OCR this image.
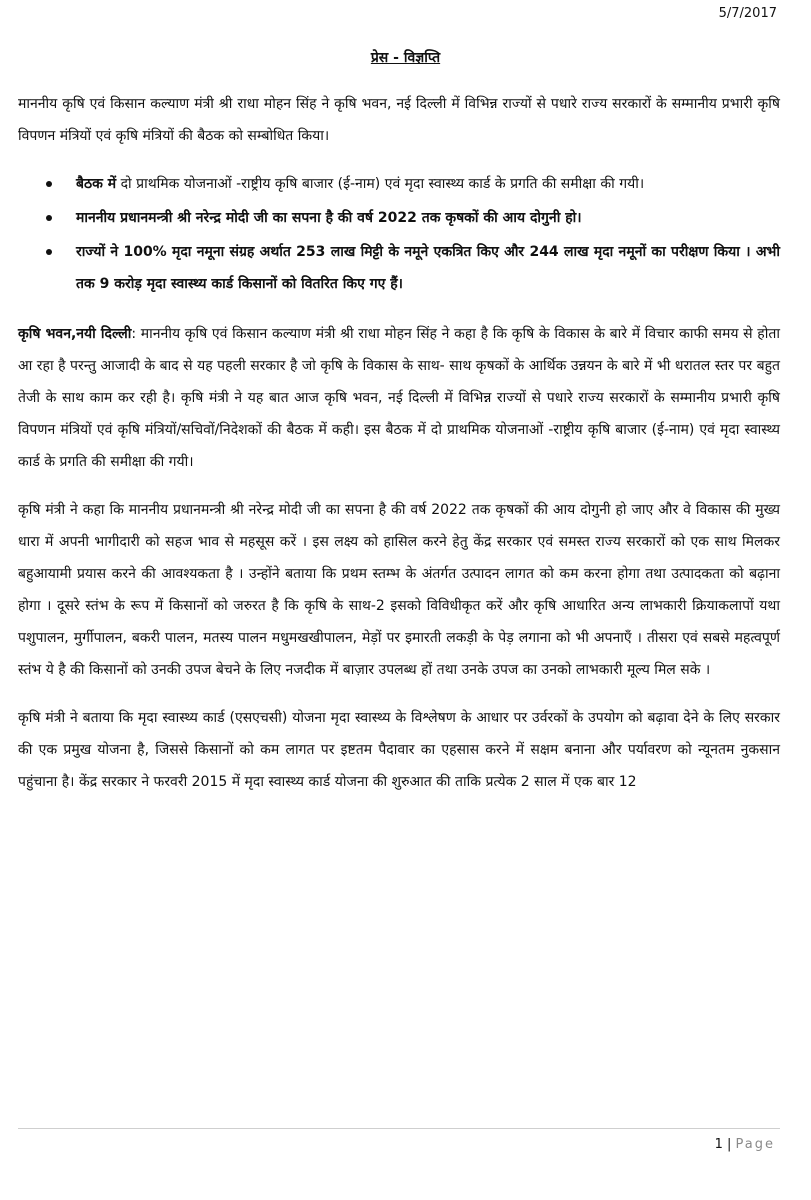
5/7/2017
प्रेस - विज्ञप्ति

माननीय कृषि एवं किसान कल्याण मंत्री श्री राधा मोहन सिंह ने कृषि भवन, नई दिल्ली में विभिन्न राज्यों से पधारे राज्य सरकारों के सम्मानीय प्रभारी कृषि विपणन मंत्रियों एवं कृषि मंत्रियों की बैठक को सम्बोधित किया।

बैठक में दो प्राथमिक योजनाओं -राष्ट्रीय कृषि बाजार (ई-नाम) एवं मृदा स्वास्थ्य कार्ड के प्रगति की समीक्षा की गयी।
माननीय प्रधानमन्त्री श्री नरेन्द्र मोदी जी का सपना है की वर्ष 2022 तक कृषकों की आय दोगुनी हो।
राज्यों ने 100% मृदा नमूना संग्रह अर्थात 253 लाख मिट्टी के नमूने एकत्रित किए और 244 लाख मृदा नमूनों का परीक्षण किया । अभी तक 9 करोड़ मृदा स्वास्थ्य कार्ड किसानों को वितरित किए गए हैं।

कृषि भवन,नयी दिल्ली: माननीय कृषि एवं किसान कल्याण मंत्री श्री राधा मोहन सिंह ने कहा है कि कृषि के विकास के बारे में विचार काफी समय से होता आ रहा है परन्तु आजादी के बाद से यह पहली सरकार है जो कृषि के विकास के साथ- साथ कृषकों के आर्थिक उन्नयन के बारे में भी धरातल स्तर पर बहुत तेजी के साथ काम कर रही है। कृषि मंत्री ने यह बात आज कृषि भवन, नई दिल्ली में विभिन्न राज्यों से पधारे राज्य सरकारों के सम्मानीय प्रभारी कृषि विपणन मंत्रियों एवं कृषि मंत्रियों/सचिवों/निदेशकों की बैठक में कही। इस बैठक में दो प्राथमिक योजनाओं -राष्ट्रीय कृषि बाजार (ई-नाम) एवं मृदा स्वास्थ्य कार्ड के प्रगति की समीक्षा की गयी।

कृषि मंत्री ने कहा कि माननीय प्रधानमन्त्री श्री नरेन्द्र मोदी जी का सपना है की वर्ष 2022 तक कृषकों की आय दोगुनी हो जाए और वे विकास की मुख्य धारा में अपनी भागीदारी को सहज भाव से महसूस करें । इस लक्ष्य को हासिल करने हेतु केंद्र सरकार एवं समस्त राज्य सरकारों को एक साथ मिलकर बहुआयामी प्रयास करने की आवश्यकता है । उन्होंने बताया कि प्रथम स्तम्भ के अंतर्गत उत्पादन लागत को कम करना होगा तथा उत्पादकता को बढ़ाना होगा । दूसरे स्तंभ के रूप में किसानों को जरुरत है कि कृषि के साथ-2 इसको विविधीकृत करें और कृषि आधारित अन्य लाभकारी क्रियाकलापों यथा पशुपालन, मुर्गीपालन, बकरी पालन, मतस्य पालन मधुमखखीपालन, मेड़ों पर इमारती लकड़ी के पेड़ लगाना को भी अपनाएँ । तीसरा एवं सबसे महत्वपूर्ण स्तंभ ये है की किसानों को उनकी उपज बेचने के लिए नजदीक में बाज़ार उपलब्ध हों तथा उनके उपज का उनको लाभकारी मूल्य मिल सके ।

कृषि मंत्री ने बताया कि मृदा स्वास्थ्य कार्ड (एसएचसी) योजना मृदा स्वास्थ्य के विश्लेषण के आधार पर उर्वरकों के उपयोग को बढ़ावा देने के लिए सरकार की एक प्रमुख योजना है, जिससे किसानों को कम लागत पर इष्टतम पैदावार का एहसास करने में सक्षम बनाना और पर्यावरण को न्यूनतम नुकसान पहुंचाना है। केंद्र सरकार ने फरवरी 2015 में मृदा स्वास्थ्य कार्ड योजना की शुरुआत की ताकि प्रत्येक 2 साल में एक बार 12

1 | Page
